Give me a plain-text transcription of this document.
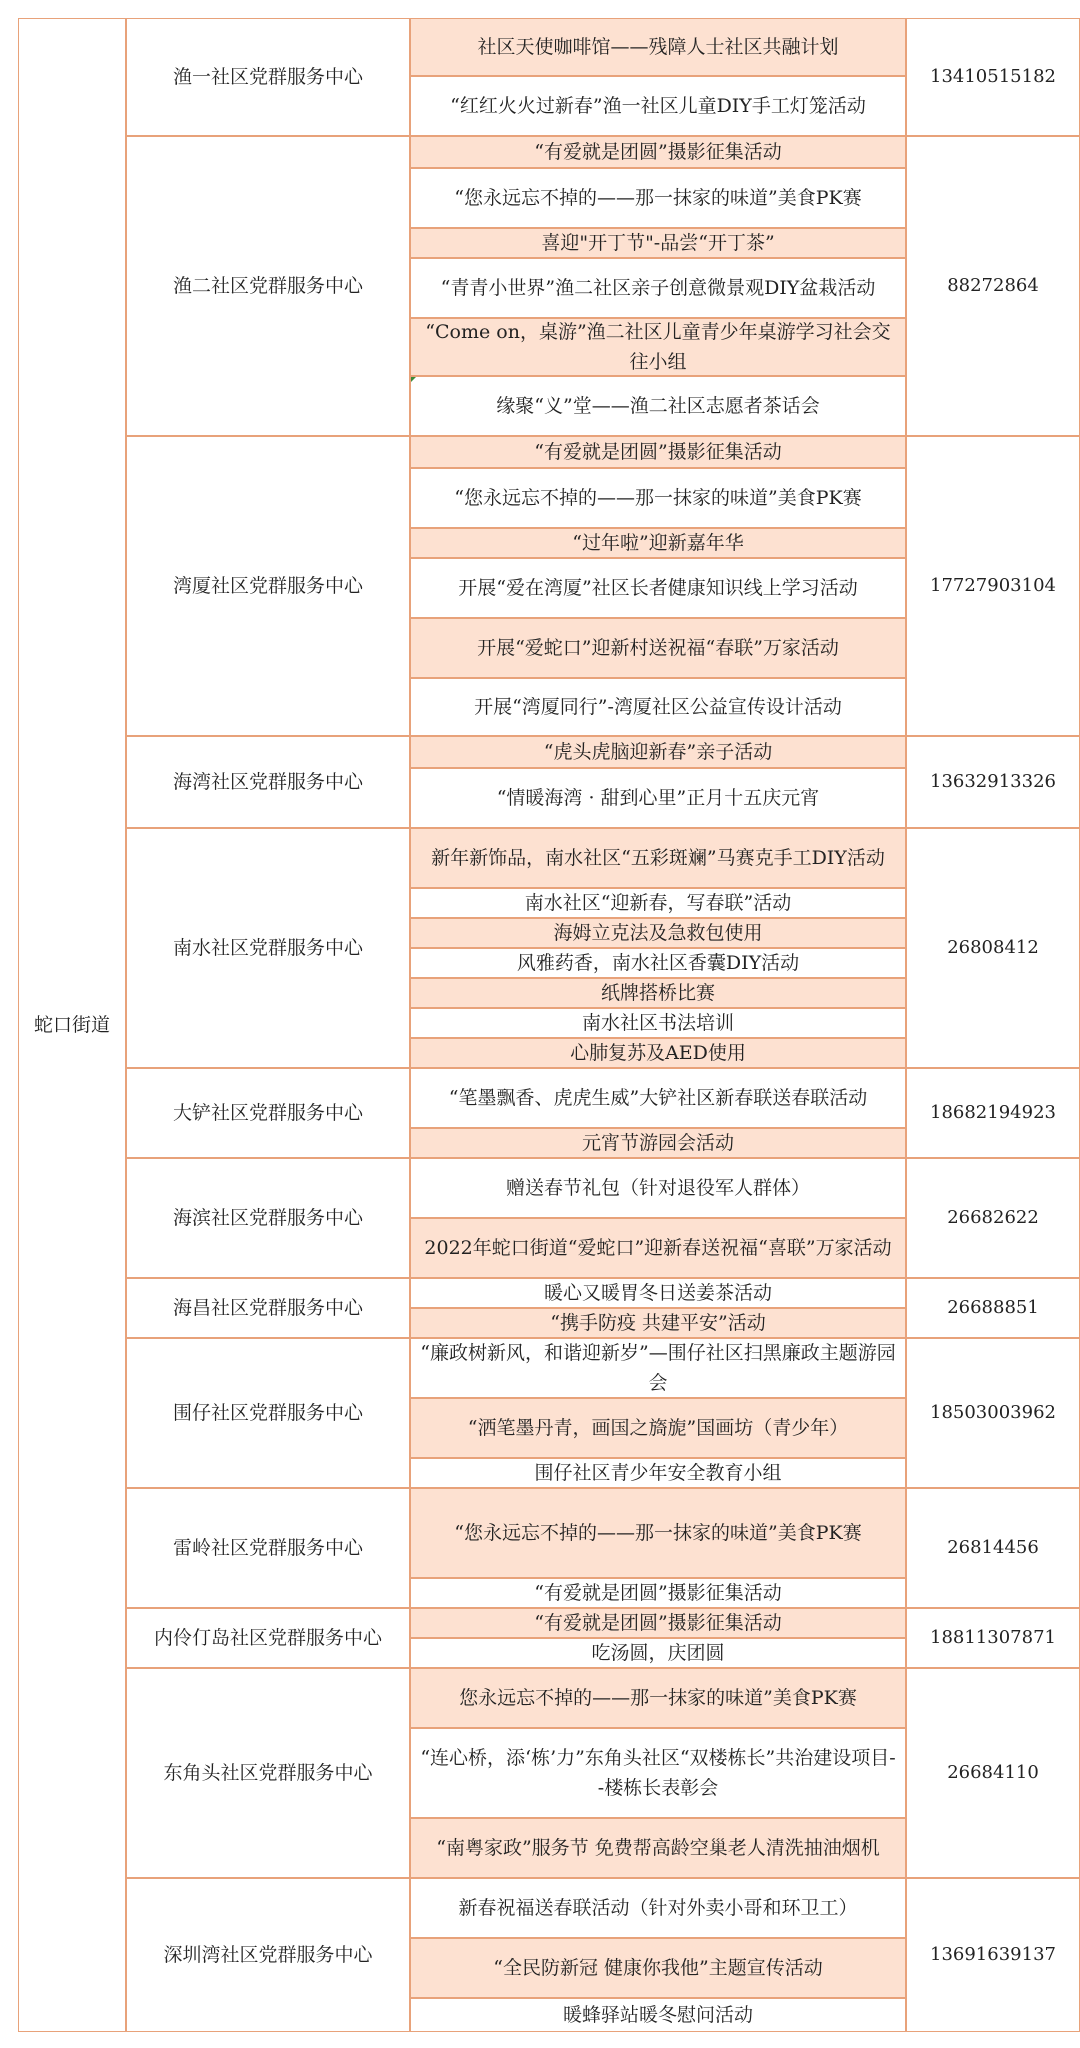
蛇口街道
渔一社区党群服务中心
社区天使咖啡馆——残障人士社区共融计划
“红红火火过新春”渔一社区儿童DIY手工灯笼活动
13410515182
渔二社区党群服务中心
“有爱就是团圆”摄影征集活动
“您永远忘不掉的——那一抹家的味道”美食PK赛
喜迎"开丁节"-品尝“开丁茶”
“青青小世界”渔二社区亲子创意微景观DIY盆栽活动
“Come on，桌游”渔二社区儿童青少年桌游学习社会交往小组
缘聚“义”堂——渔二社区志愿者茶话会
88272864
湾厦社区党群服务中心
“有爱就是团圆”摄影征集活动
“您永远忘不掉的——那一抹家的味道”美食PK赛
“过年啦”迎新嘉年华
开展“爱在湾厦”社区长者健康知识线上学习活动
开展“爱蛇口”迎新村送祝福“春联”万家活动
开展“湾厦同行”-湾厦社区公益宣传设计活动
17727903104
海湾社区党群服务中心
“虎头虎脑迎新春”亲子活动
“情暖海湾 · 甜到心里”正月十五庆元宵
13632913326
南水社区党群服务中心
新年新饰品，南水社区“五彩斑斓”马赛克手工DIY活动
南水社区“迎新春，写春联”活动
海姆立克法及急救包使用
风雅药香，南水社区香囊DIY活动
纸牌搭桥比赛
南水社区书法培训
心肺复苏及AED使用
26808412
大铲社区党群服务中心
“笔墨飘香、虎虎生威”大铲社区新春联送春联活动
元宵节游园会活动
18682194923
海滨社区党群服务中心
赠送春节礼包（针对退役军人群体）
2022年蛇口街道“爱蛇口”迎新春送祝福“喜联”万家活动
26682622
海昌社区党群服务中心
暖心又暖胃冬日送姜茶活动
“携手防疫 共建平安”活动
26688851
围仔社区党群服务中心
“廉政树新风，和谐迎新岁”—围仔社区扫黑廉政主题游园会
“洒笔墨丹青，画国之旖旎”国画坊（青少年）
围仔社区青少年安全教育小组
18503003962
雷岭社区党群服务中心
“您永远忘不掉的——那一抹家的味道”美食PK赛
“有爱就是团圆”摄影征集活动
26814456
内伶仃岛社区党群服务中心
“有爱就是团圆”摄影征集活动
吃汤圆，庆团圆
18811307871
东角头社区党群服务中心
您永远忘不掉的——那一抹家的味道”美食PK赛
“连心桥，添‘栋’力”东角头社区“双楼栋长”共治建设项目--楼栋长表彰会
“南粤家政”服务节 免费帮高龄空巢老人清洗抽油烟机
26684110
深圳湾社区党群服务中心
新春祝福送春联活动（针对外卖小哥和环卫工）
“全民防新冠 健康你我他”主题宣传活动
暖蜂驿站暖冬慰问活动
13691639137
